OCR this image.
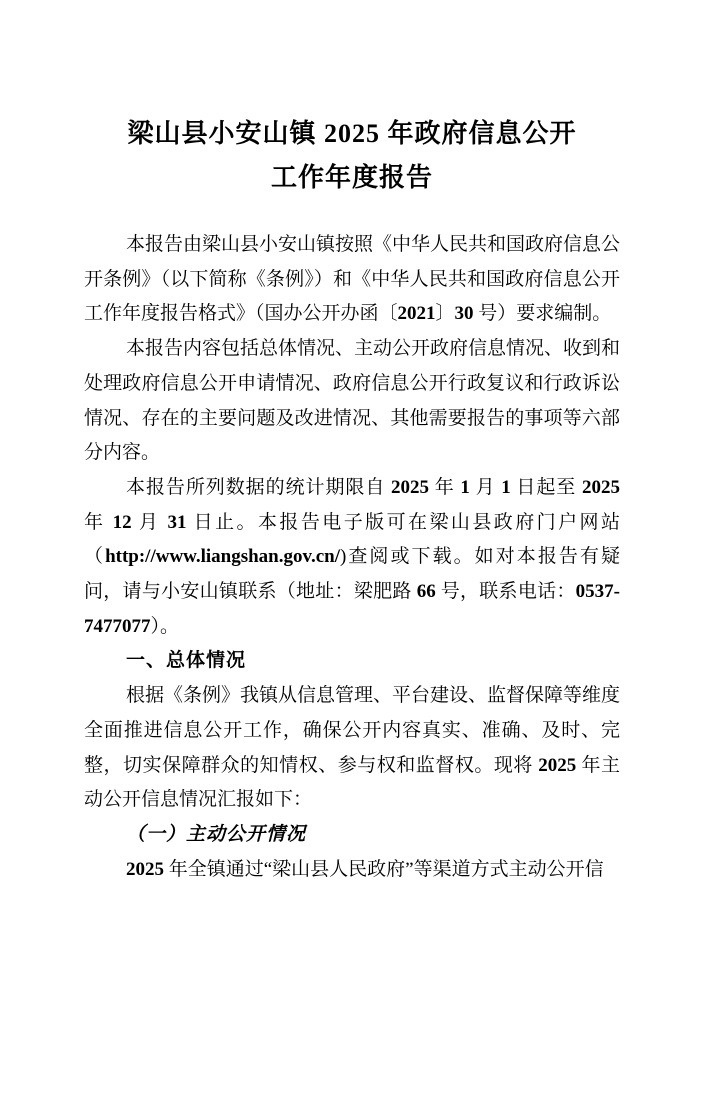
梁山县小安山镇 2025 年政府信息公开
工作年度报告

本报告由梁山县小安山镇按照《中华人民共和国政府信息公开条例》（以下简称《条例》）和《中华人民共和国政府信息公开工作年度报告格式》（国办公开办函〔2021〕30 号）要求编制。

本报告内容包括总体情况、主动公开政府信息情况、收到和处理政府信息公开申请情况、政府信息公开行政复议和行政诉讼情况、存在的主要问题及改进情况、其他需要报告的事项等六部分内容。

本报告所列数据的统计期限自 2025 年 1 月 1 日起至 2025 年 12 月 31 日止。本报告电子版可在梁山县政府门户网站（http://www.liangshan.gov.cn/)查阅或下载。如对本报告有疑问，请与小安山镇联系（地址：梁肥路 66 号，联系电话：0537-7477077）。

一、总体情况

根据《条例》我镇从信息管理、平台建设、监督保障等维度全面推进信息公开工作，确保公开内容真实、准确、及时、完整，切实保障群众的知情权、参与权和监督权。现将 2025 年主动公开信息情况汇报如下：

（一）主动公开情况

2025 年全镇通过“梁山县人民政府”等渠道方式主动公开信
